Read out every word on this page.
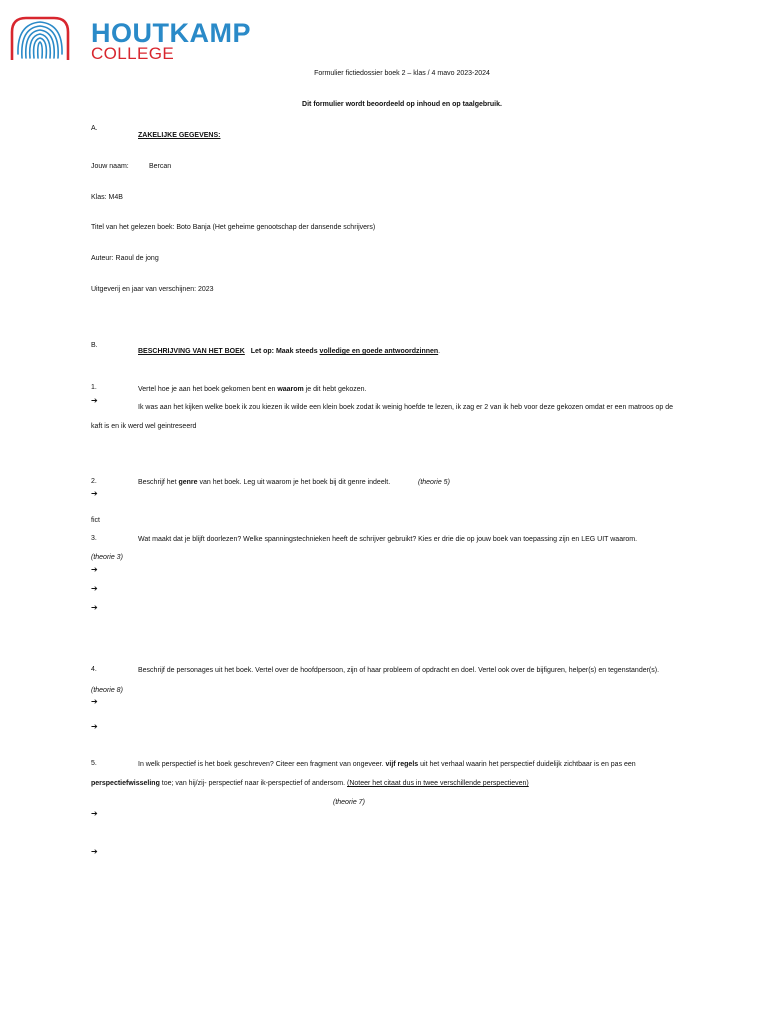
HOUTKAMP
COLLEGE
Formulier fictiedossier boek 2 – klas / 4 mavo 2023-2024
Dit formulier wordt beoordeeld op inhoud en op taalgebruik.
A.
ZAKELIJKE GEGEVENS:
Jouw naam:	Bercan
Klas: M4B
Titel van het gelezen boek: Boto Banja (Het geheime genootschap der dansende schrijvers)
Auteur: Raoul de jong
Uitgeverij en jaar van verschijnen: 2023
B.
BESCHRIJVING VAN HET BOEK Let op: Maak steeds volledige en goede antwoordzinnen.
1.	Vertel hoe je aan het boek gekomen bent en waarom je dit hebt gekozen.
➔
Ik was aan het kijken welke boek ik zou kiezen ik wilde een klein boek zodat ik weinig hoefde te lezen, ik zag er 2 van ik heb voor deze gekozen omdat er een matroos op de
kaft is en ik werd wel geintreseerd
2.	Beschrijf het genre van het boek. Leg uit waarom je het boek bij dit genre indeelt.	(theorie 5)
➔
fict
3.	Wat maakt dat je blijft doorlezen? Welke spanningstechnieken heeft de schrijver gebruikt? Kies er drie die op jouw boek van toepassing zijn en LEG UIT waarom.
(theorie 3)
➔
➔
➔
4.	Beschrijf de personages uit het boek. Vertel over de hoofdpersoon, zijn of haar probleem of opdracht en doel. Vertel ook over de bijfiguren, helper(s) en tegenstander(s).
(theorie 8)
➔
➔
5.	In welk perspectief is het boek geschreven? Citeer een fragment van ongeveer. vijf regels uit het verhaal waarin het perspectief duidelijk zichtbaar is en pas een
perspectiefwisseling toe; van hij/zij- perspectief naar ik-perspectief of andersom. (Noteer het citaat dus in twee verschillende perspectieven)
(theorie 7)
➔
➔
